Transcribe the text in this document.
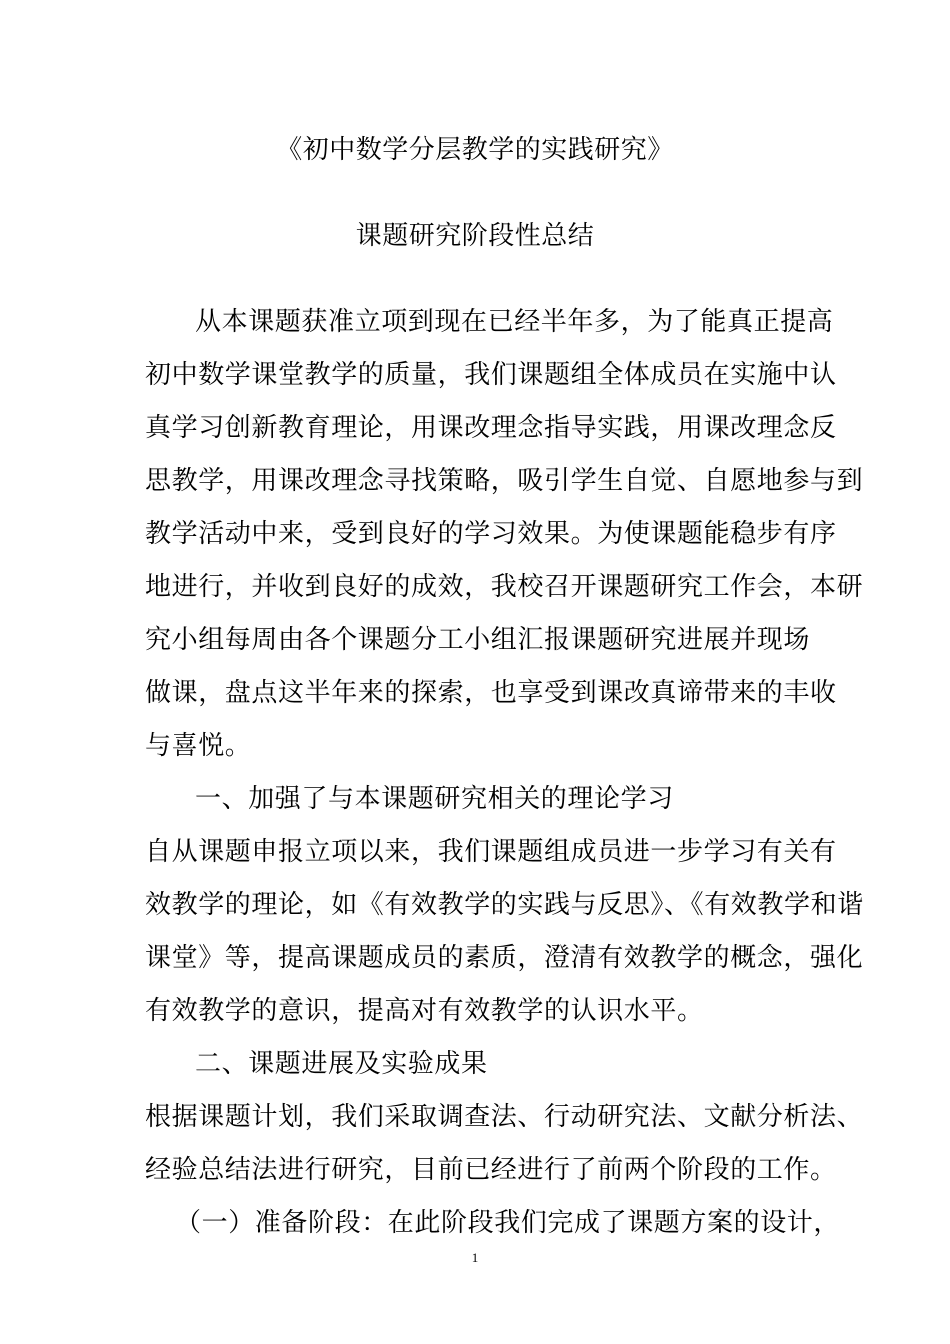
《初中数学分层教学的实践研究》
课题研究阶段性总结
从本课题获准立项到现在已经半年多，为了能真正提高
初中数学课堂教学的质量，我们课题组全体成员在实施中认
真学习创新教育理论，用课改理念指导实践，用课改理念反
思教学，用课改理念寻找策略，吸引学生自觉、自愿地参与到
教学活动中来，受到良好的学习效果。为使课题能稳步有序
地进行，并收到良好的成效，我校召开课题研究工作会，本研
究小组每周由各个课题分工小组汇报课题研究进展并现场
做课，盘点这半年来的探索，也享受到课改真谛带来的丰收
与喜悦。
一、加强了与本课题研究相关的理论学习
自从课题申报立项以来，我们课题组成员进一步学习有关有
效教学的理论，如《有效教学的实践与反思》、《有效教学和谐
课堂》等，提高课题成员的素质，澄清有效教学的概念，强化
有效教学的意识，提高对有效教学的认识水平。
二、课题进展及实验成果
根据课题计划，我们采取调查法、行动研究法、文献分析法、
经验总结法进行研究，目前已经进行了前两个阶段的工作。
（一）准备阶段：在此阶段我们完成了课题方案的设计，
1
